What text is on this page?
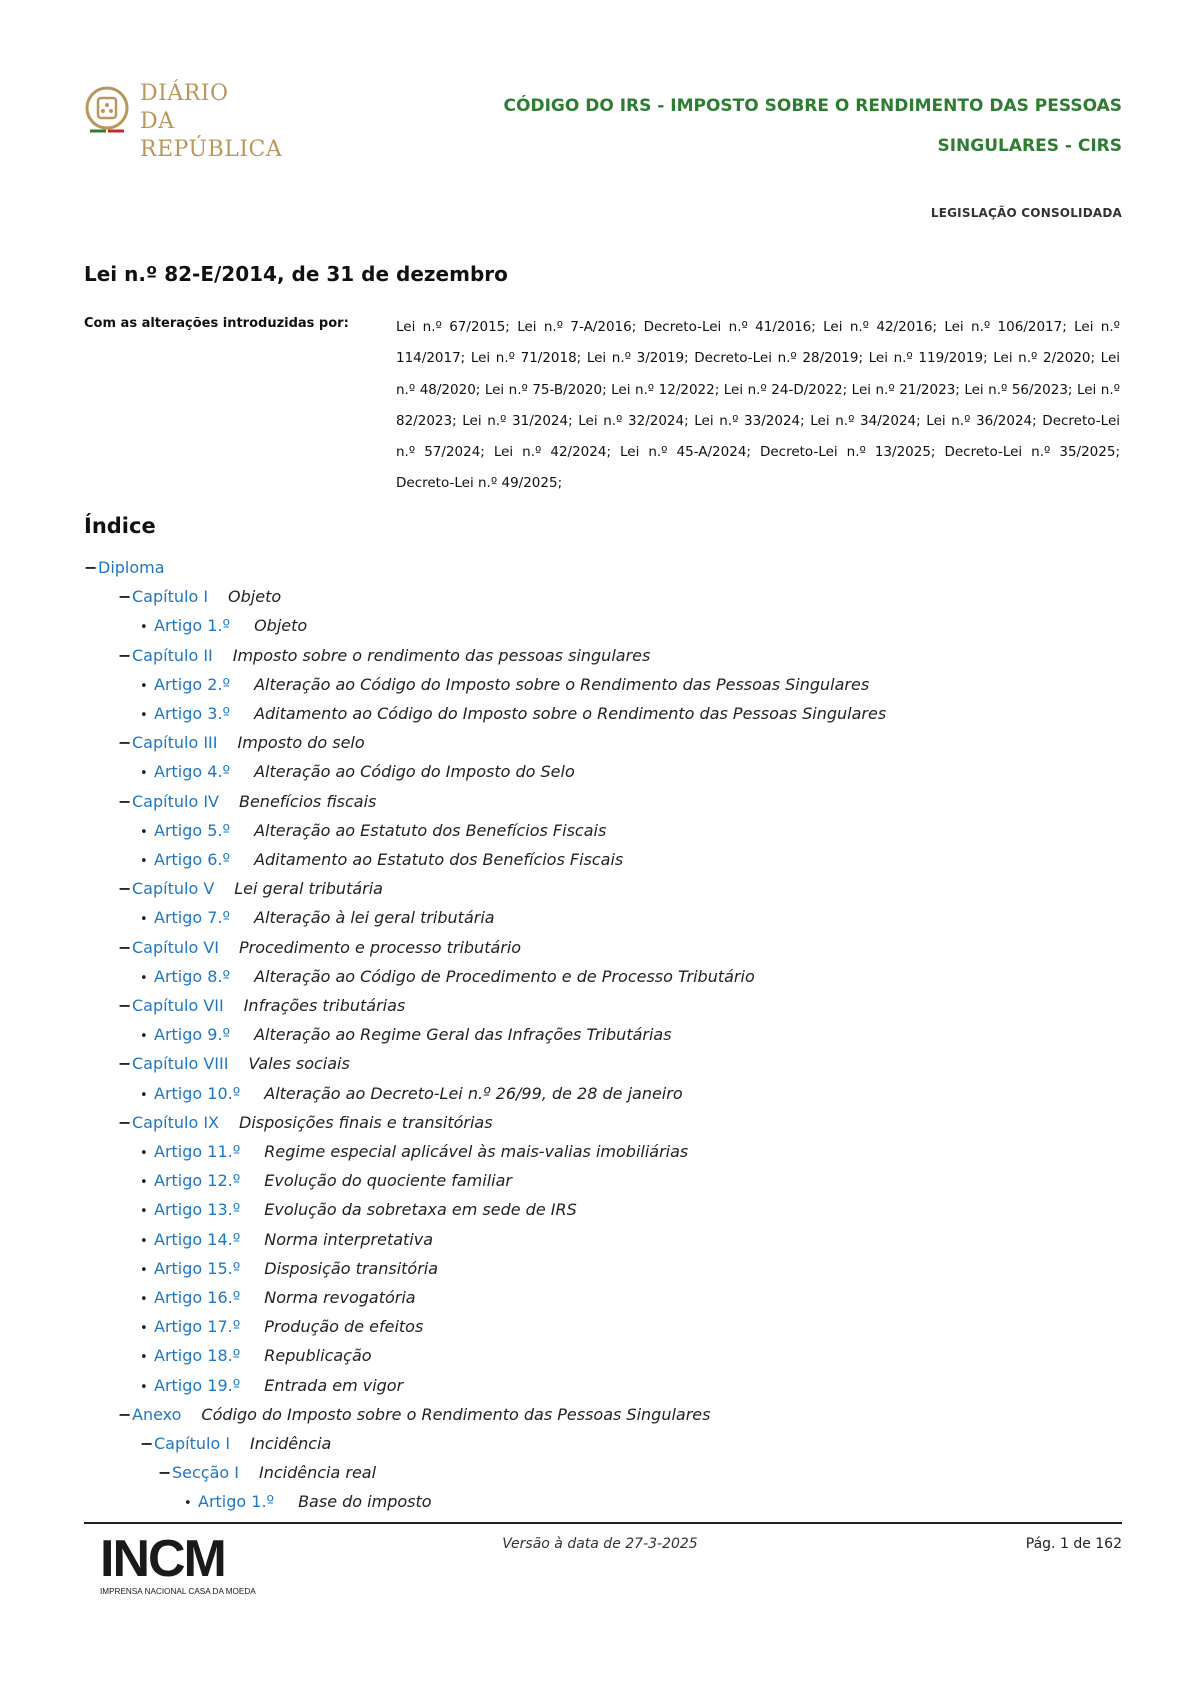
DIÁRIO
DA REPÚBLICA
CÓDIGO DO IRS - IMPOSTO SOBRE O RENDIMENTO DAS PESSOAS SINGULARES - CIRS
LEGISLAÇÃO CONSOLIDADA
Lei n.º 82-E/2014, de 31 de dezembro
Com as alterações introduzidas por:	Lei n.º 67/2015; Lei n.º 7-A/2016; Decreto-Lei n.º 41/2016; Lei n.º 42/2016; Lei n.º 106/2017; Lei n.º 114/2017; Lei n.º 71/2018; Lei n.º 3/2019; Decreto-Lei n.º 28/2019; Lei n.º 119/2019; Lei n.º 2/2020; Lei n.º 48/2020; Lei n.º 75-B/2020; Lei n.º 12/2022; Lei n.º 24-D/2022; Lei n.º 21/2023; Lei n.º 56/2023; Lei n.º 82/2023; Lei n.º 31/2024; Lei n.º 32/2024; Lei n.º 33/2024; Lei n.º 34/2024; Lei n.º 36/2024; Decreto-Lei n.º 57/2024; Lei n.º 42/2024; Lei n.º 45-A/2024; Decreto-Lei n.º 13/2025; Decreto-Lei n.º 35/2025; Decreto-Lei n.º 49/2025;
Índice
−Diploma
−Capítulo I Objeto
• Artigo 1.º Objeto
−Capítulo II Imposto sobre o rendimento das pessoas singulares
• Artigo 2.º Alteração ao Código do Imposto sobre o Rendimento das Pessoas Singulares
• Artigo 3.º Aditamento ao Código do Imposto sobre o Rendimento das Pessoas Singulares
−Capítulo III Imposto do selo
• Artigo 4.º Alteração ao Código do Imposto do Selo
−Capítulo IV Benefícios fiscais
• Artigo 5.º Alteração ao Estatuto dos Benefícios Fiscais
• Artigo 6.º Aditamento ao Estatuto dos Benefícios Fiscais
−Capítulo V Lei geral tributária
• Artigo 7.º Alteração à lei geral tributária
−Capítulo VI Procedimento e processo tributário
• Artigo 8.º Alteração ao Código de Procedimento e de Processo Tributário
−Capítulo VII Infrações tributárias
• Artigo 9.º Alteração ao Regime Geral das Infrações Tributárias
−Capítulo VIII Vales sociais
• Artigo 10.º Alteração ao Decreto-Lei n.º 26/99, de 28 de janeiro
−Capítulo IX Disposições finais e transitórias
• Artigo 11.º Regime especial aplicável às mais-valias imobiliárias
• Artigo 12.º Evolução do quociente familiar
• Artigo 13.º Evolução da sobretaxa em sede de IRS
• Artigo 14.º Norma interpretativa
• Artigo 15.º Disposição transitória
• Artigo 16.º Norma revogatória
• Artigo 17.º Produção de efeitos
• Artigo 18.º Republicação
• Artigo 19.º Entrada em vigor
−Anexo Código do Imposto sobre o Rendimento das Pessoas Singulares
−Capítulo I Incidência
−Secção I Incidência real
• Artigo 1.º Base do imposto
INCM
IMPRENSA NACIONAL CASA DA MOEDA
Versão à data de 27-3-2025	Pág. 1 de 162
